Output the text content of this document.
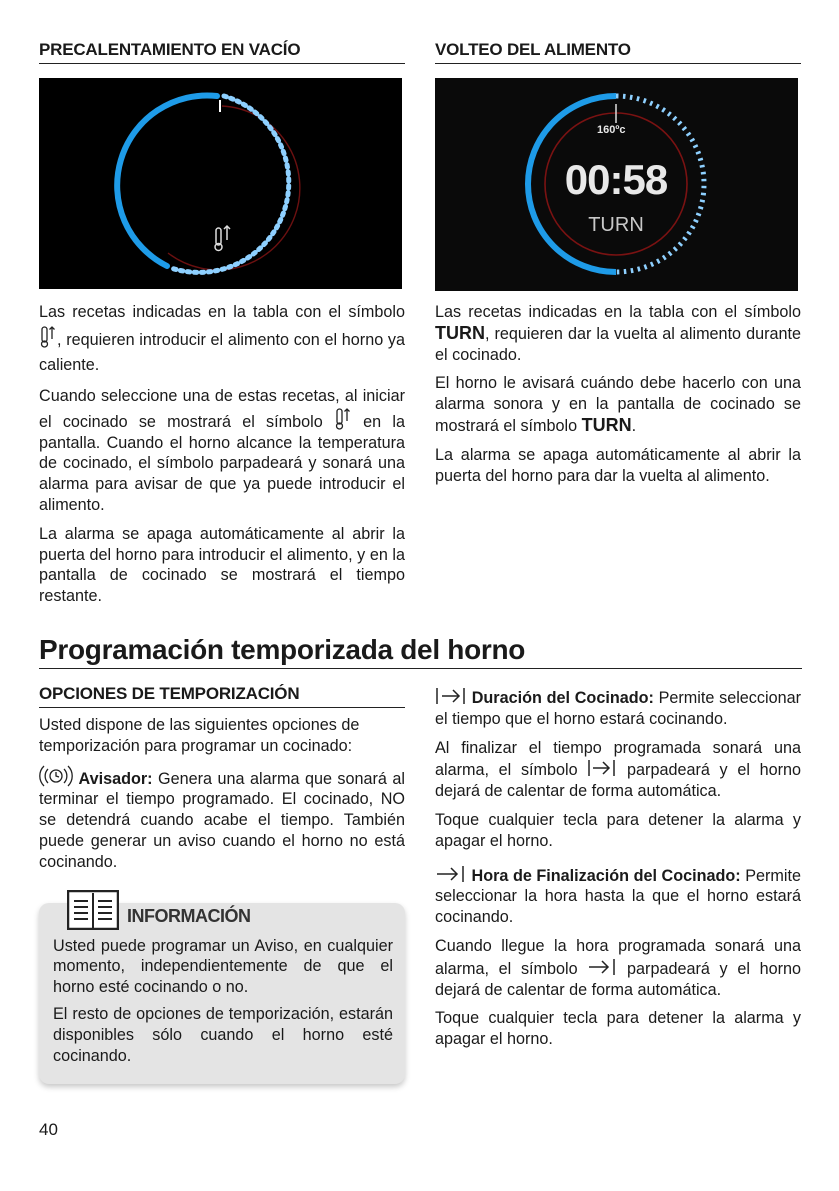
PRECALENTAMIENTO EN VACÍO

Las recetas indicadas en la tabla con el símbolo , requieren introducir el alimento con el horno ya caliente.

Cuando seleccione una de estas recetas, al iniciar el cocinado se mostrará el símbolo en la pantalla. Cuando el horno alcance la temperatura de cocinado, el símbolo parpadeará y sonará una alarma para avisar de que ya puede introducir el alimento.

La alarma se apaga automáticamente al abrir la puerta del horno para introducir el alimento, y en la pantalla de cocinado se mostrará el tiempo restante.

VOLTEO DEL ALIMENTO
160ºc
00:58
TURN

Las recetas indicadas en la tabla con el símbolo TURN, requieren dar la vuelta al alimento durante el cocinado.

El horno le avisará cuándo debe hacerlo con una alarma sonora y en la pantalla de cocinado se mostrará el símbolo TURN.

La alarma se apaga automáticamente al abrir la puerta del horno para dar la vuelta al alimento.

Programación temporizada del horno
OPCIONES DE TEMPORIZACIÓN

Usted dispone de las siguientes opciones de temporización para programar un cocinado:

Avisador: Genera una alarma que sonará al terminar el tiempo programado. El cocinado, NO se detendrá cuando acabe el tiempo. También puede generar un aviso cuando el horno no está cocinando.

INFORMACIÓN

Usted puede programar un Aviso, en cualquier momento, independientemente de que el horno esté cocinando o no.

El resto de opciones de temporización, estarán disponibles sólo cuando el horno esté cocinando.

Duración del Cocinado: Permite seleccionar el tiempo que el horno estará cocinando.

Al finalizar el tiempo programada sonará una alarma, el símbolo	parpadeará y el horno dejará de calentar de forma automática.

Toque cualquier tecla para detener la alarma y apagar el horno.

Hora de Finalización del Cocinado: Permite seleccionar la hora hasta la que el horno estará cocinando.

Cuando llegue la hora programada sonará una alarma, el símbolo	parpadeará y el horno dejará de calentar de forma automática.

Toque cualquier tecla para detener la alarma y apagar el horno.

40
